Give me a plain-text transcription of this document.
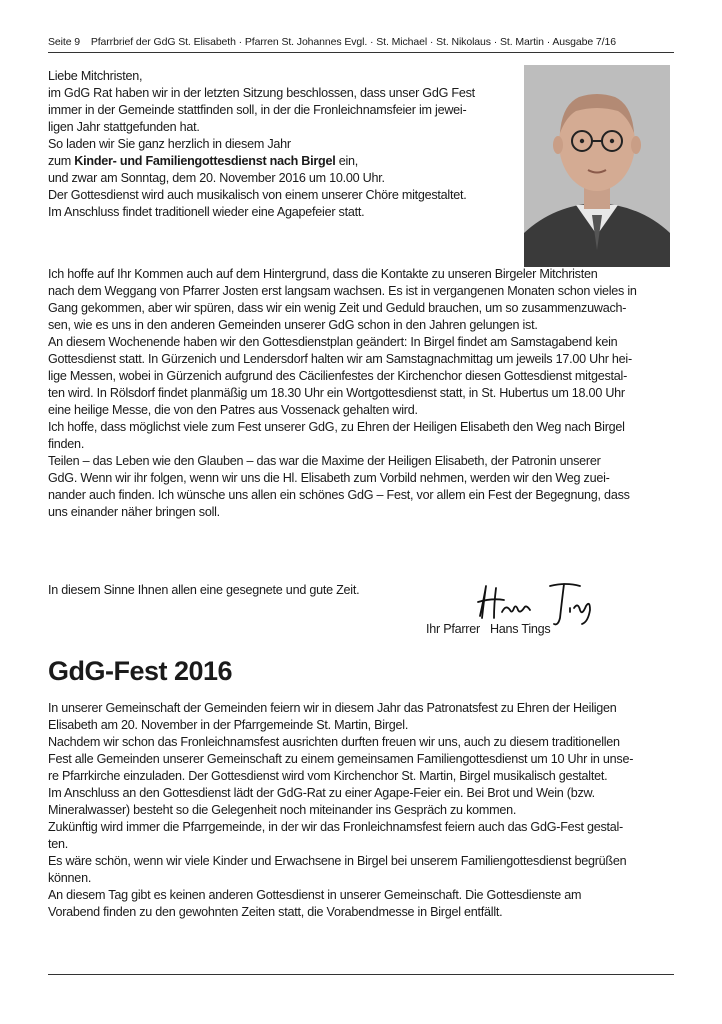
Seite 9 Pfarrbrief der GdG St. Elisabeth · Pfarren St. Johannes Evgl. · St. Michael · St. Nikolaus · St. Martin · Ausgabe 7/16
Liebe Mitchristen,
im GdG Rat haben wir in der letzten Sitzung beschlossen, dass unser GdG Fest
immer in der Gemeinde stattfinden soll, in der die Fronleichnamsfeier im jewei-
ligen Jahr stattgefunden hat.
So laden wir Sie ganz herzlich in diesem Jahr
zum Kinder- und Familiengottesdienst nach Birgel ein,
und zwar am Sonntag, dem 20. November 2016 um 10.00 Uhr.
Der Gottesdienst wird auch musikalisch von einem unserer Chöre mitgestaltet.
Im Anschluss findet traditionell wieder eine Agapefeier statt.
Ich hoffe auf Ihr Kommen auch auf dem Hintergrund, dass die Kontakte zu unseren Birgeler Mitchristen
nach dem Weggang von Pfarrer Josten erst langsam wachsen. Es ist in vergangenen Monaten schon vieles in
Gang gekommen, aber wir spüren, dass wir ein wenig Zeit und Geduld brauchen, um so zusammenzuwach-
sen, wie es uns in den anderen Gemeinden unserer GdG schon in den Jahren gelungen ist.
An diesem Wochenende haben wir den Gottesdienstplan geändert: In Birgel findet am Samstagabend kein
Gottesdienst statt. In Gürzenich und Lendersdorf halten wir am Samstagnachmittag um jeweils 17.00 Uhr hei-
lige Messen, wobei in Gürzenich aufgrund des Cäcilienfestes der Kirchenchor diesen Gottesdienst mitgestal-
ten wird. In Rölsdorf findet planmäßig um 18.30 Uhr ein Wortgottesdienst statt, in St. Hubertus um 18.00 Uhr
eine heilige Messe, die von den Patres aus Vossenack gehalten wird.
Ich hoffe, dass möglichst viele zum Fest unserer GdG, zu Ehren der Heiligen Elisabeth den Weg nach Birgel
finden.
Teilen – das Leben wie den Glauben – das war die Maxime der Heiligen Elisabeth, der Patronin unserer
GdG. Wenn wir ihr folgen, wenn wir uns die Hl. Elisabeth zum Vorbild nehmen, werden wir den Weg zuei-
nander auch finden. Ich wünsche uns allen ein schönes GdG – Fest, vor allem ein Fest der Begegnung, dass
uns einander näher bringen soll.
In diesem Sinne Ihnen allen eine gesegnete und gute Zeit.
Ihr Pfarrer Hans Tings
GdG-Fest 2016
In unserer Gemeinschaft der Gemeinden feiern wir in diesem Jahr das Patronatsfest zu Ehren der Heiligen
Elisabeth am 20. November in der Pfarrgemeinde St. Martin, Birgel.
Nachdem wir schon das Fronleichnamsfest ausrichten durften freuen wir uns, auch zu diesem traditionellen
Fest alle Gemeinden unserer Gemeinschaft zu einem gemeinsamen Familiengottesdienst um 10 Uhr in unse-
re Pfarrkirche einzuladen. Der Gottesdienst wird vom Kirchenchor St. Martin, Birgel musikalisch gestaltet.
Im Anschluss an den Gottesdienst lädt der GdG-Rat zu einer Agape-Feier ein. Bei Brot und Wein (bzw.
Mineralwasser) besteht so die Gelegenheit noch miteinander ins Gespräch zu kommen.
Zukünftig wird immer die Pfarrgemeinde, in der wir das Fronleichnamsfest feiern auch das GdG-Fest gestal-
ten.
Es wäre schön, wenn wir viele Kinder und Erwachsene in Birgel bei unserem Familiengottesdienst begrüßen
können.
An diesem Tag gibt es keinen anderen Gottesdienst in unserer Gemeinschaft. Die Gottesdienste am
Vorabend finden zu den gewohnten Zeiten statt, die Vorabendmesse in Birgel entfällt.
